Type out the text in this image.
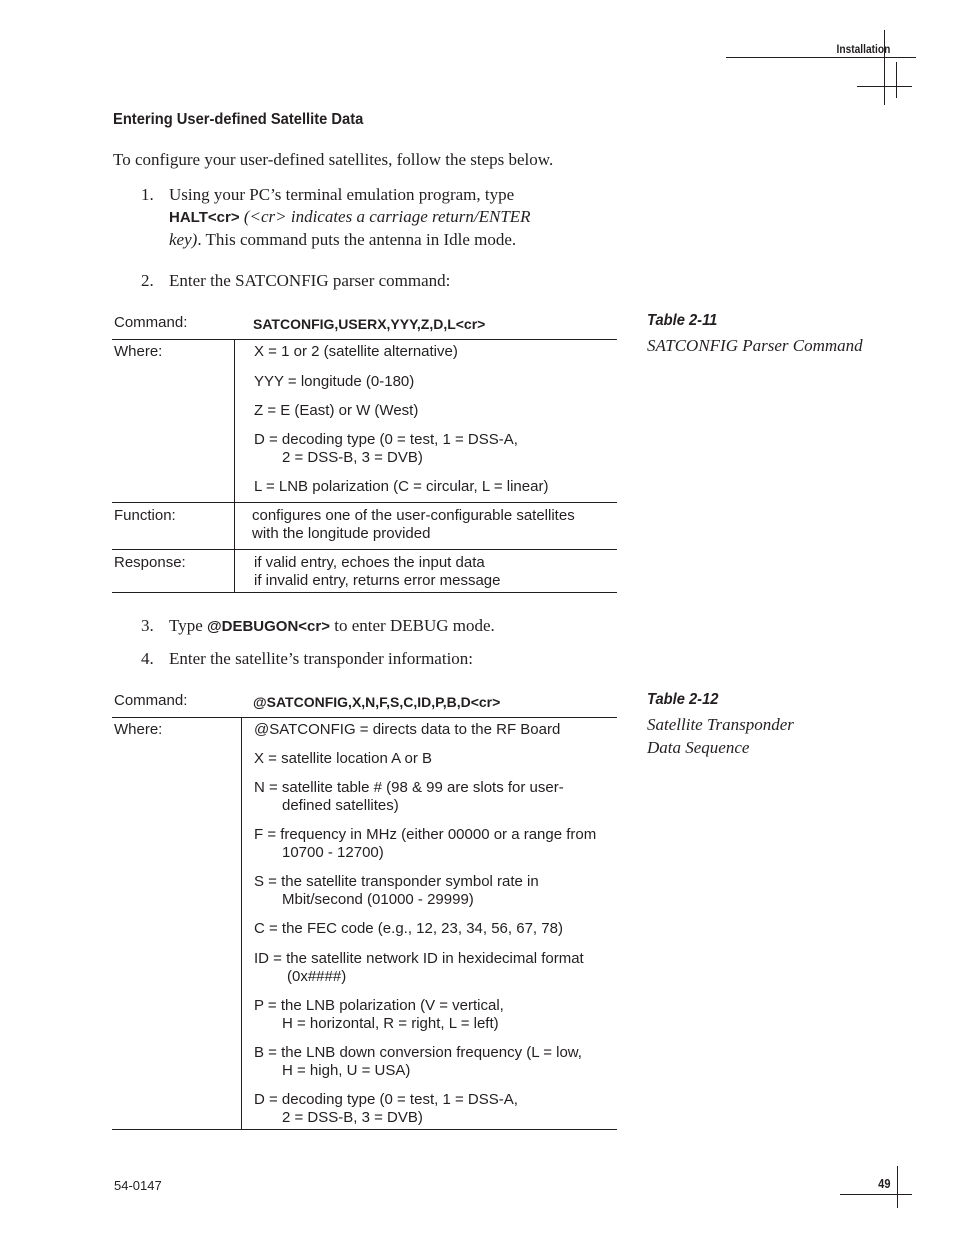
Installation
Entering User-defined Satellite Data
To configure your user-defined satellites, follow the steps below.
1. Using your PC’s terminal emulation program, type
HALT<cr> (<cr> indicates a carriage return/ENTER
key). This command puts the antenna in Idle mode.
2. Enter the SATCONFIG parser command:
Table 2-11
SATCONFIG Parser Command
Command:	SATCONFIG,USERX,YYY,Z,D,L<cr>
Where:	X = 1 or 2 (satellite alternative)
YYY = longitude (0-180)
Z = E (East) or W (West)
D = decoding type (0 = test, 1 = DSS-A,
2 = DSS-B, 3 = DVB)
L = LNB polarization (C = circular, L = linear)
Function:	configures one of the user-configurable satellites
with the longitude provided
Response:	if valid entry, echoes the input data
if invalid entry, returns error message
3. Type @DEBUGON<cr> to enter DEBUG mode.
4. Enter the satellite’s transponder information:
Table 2-12
Satellite Transponder
Data Sequence
Command:	@SATCONFIG,X,N,F,S,C,ID,P,B,D<cr>
Where:	@SATCONFIG = directs data to the RF Board
X = satellite location A or B
N = satellite table # (98 & 99 are slots for user-
defined satellites)
F = frequency in MHz (either 00000 or a range from
10700 - 12700)
S = the satellite transponder symbol rate in
Mbit/second (01000 - 29999)
C = the FEC code (e.g., 12, 23, 34, 56, 67, 78)
ID = the satellite network ID in hexidecimal format
(0x####)
P = the LNB polarization (V = vertical,
H = horizontal, R = right, L = left)
B = the LNB down conversion frequency (L = low,
H = high, U = USA)
D = decoding type (0 = test, 1 = DSS-A,
2 = DSS-B, 3 = DVB)
54-0147	49
